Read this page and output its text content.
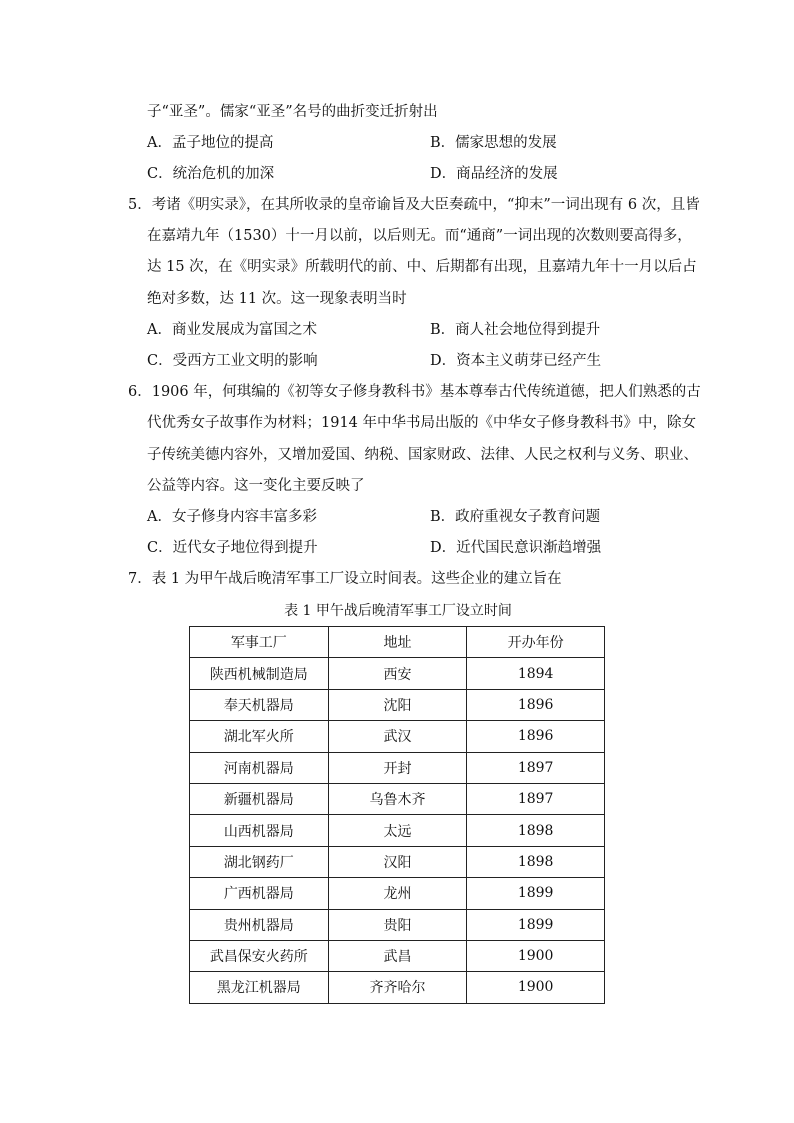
子“亚圣”。儒家“亚圣”名号的曲折变迁折射出
A．孟子地位的提高	B．儒家思想的发展
C．统治危机的加深	D．商品经济的发展
5．考诸《明实录》，在其所收录的皇帝谕旨及大臣奏疏中，“抑末”一词出现有 6 次，且皆
在嘉靖九年（1530）十一月以前，以后则无。而“通商”一词出现的次数则要高得多，
达 15 次，在《明实录》所载明代的前、中、后期都有出现，且嘉靖九年十一月以后占
绝对多数，达 11 次。这一现象表明当时
A．商业发展成为富国之术	B．商人社会地位得到提升
C．受西方工业文明的影响	D．资本主义萌芽已经产生
6．1906 年，何琪编的《初等女子修身教科书》基本尊奉古代传统道德，把人们熟悉的古
代优秀女子故事作为材料；1914 年中华书局出版的《中华女子修身教科书》中，除女
子传统美德内容外，又增加爱国、纳税、国家财政、法律、人民之权利与义务、职业、
公益等内容。这一变化主要反映了
A．女子修身内容丰富多彩	B．政府重视女子教育问题
C．近代女子地位得到提升	D．近代国民意识渐趋增强
7．表 1 为甲午战后晚清军事工厂设立时间表。这些企业的建立旨在
表 1 甲午战后晚清军事工厂设立时间
军事工厂	地址	开办年份
陕西机械制造局	西安	1894
奉天机器局	沈阳	1896
湖北军火所	武汉	1896
河南机器局	开封	1897
新疆机器局	乌鲁木齐	1897
山西机器局	太远	1898
湖北钢药厂	汉阳	1898
广西机器局	龙州	1899
贵州机器局	贵阳	1899
武昌保安火药所	武昌	1900
黑龙江机器局	齐齐哈尔	1900
